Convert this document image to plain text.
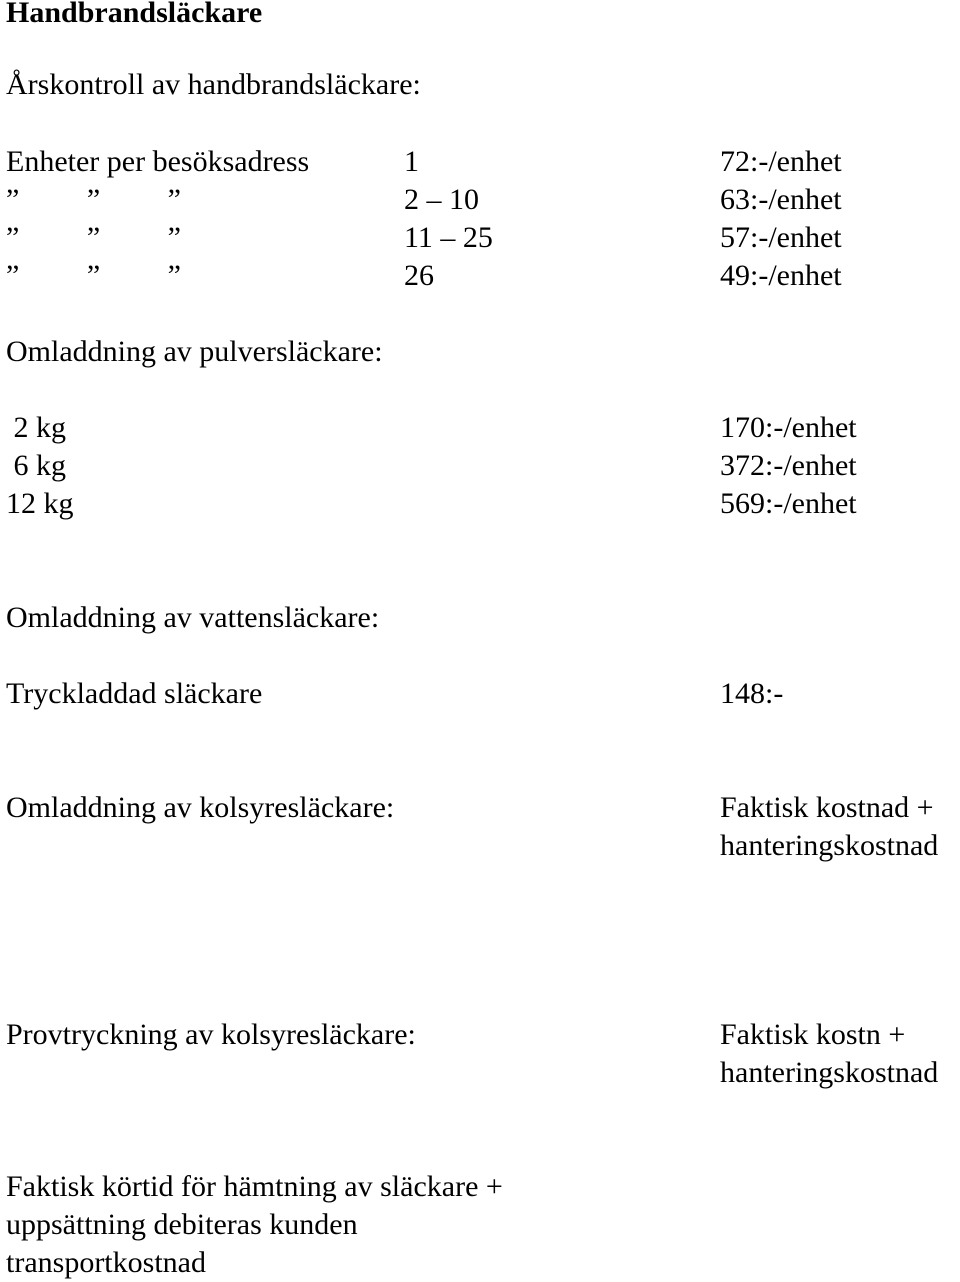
Handbrandsläckare
Årskontroll av handbrandsläckare:
Enheter per besöksadress	1	72:-/enhet
”         ”         ”	2 – 10	63:-/enhet
”         ”         ”	11 – 25	57:-/enhet
”         ”         ”	26	49:-/enhet
Omladdning av pulversläckare:
2 kg	170:-/enhet
6 kg	372:-/enhet
12 kg	569:-/enhet
Omladdning av vattensläckare:
Tryckladdad släckare	148:-
Omladdning av kolsyresläckare:	Faktisk kostnad +
hanteringskostnad
Provtryckning av kolsyresläckare:	Faktisk kostn +
hanteringskostnad
Faktisk körtid för hämtning av släckare +
uppsättning debiteras kunden
transportkostnad
